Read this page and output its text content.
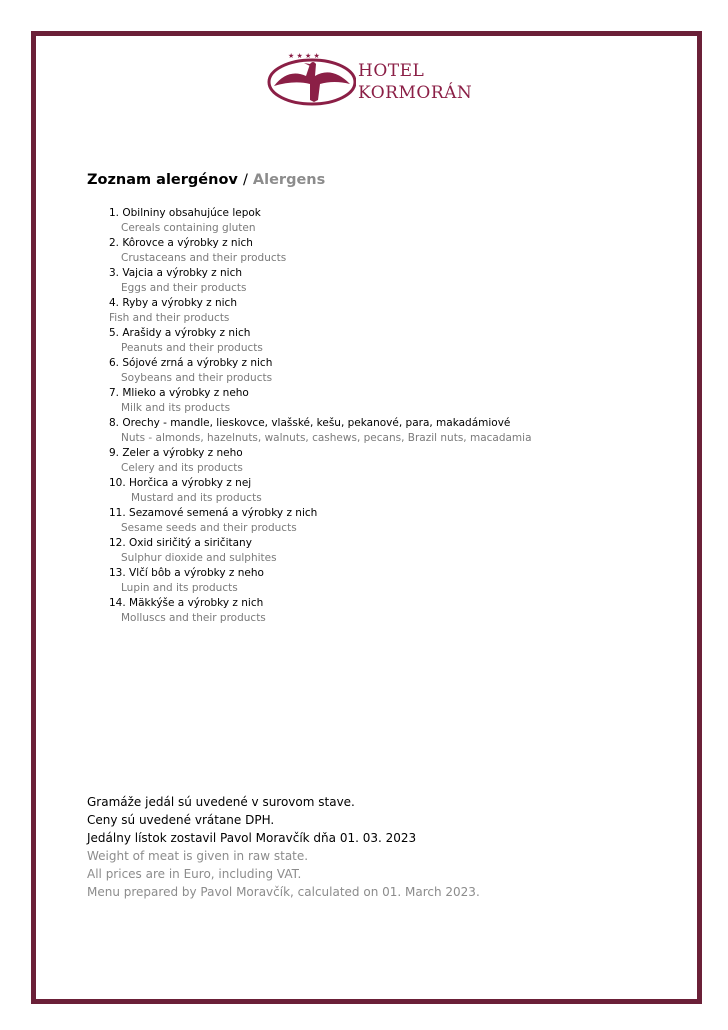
★ ★ ★ ★
HOTEL
KORMORÁN
Zoznam alergénov / Alergens
1. Obilniny obsahujúce lepok
Cereals containing gluten
2. Kôrovce a výrobky z nich
Crustaceans and their products
3. Vajcia a výrobky z nich
Eggs and their products
4. Ryby a výrobky z nich
Fish and their products
5. Arašidy a výrobky z nich
Peanuts and their products
6. Sójové zrná a výrobky z nich
Soybeans and their products
7. Mlieko a výrobky z neho
Milk and its products
8. Orechy - mandle, lieskovce, vlašské, kešu, pekanové, para, makadámiové
Nuts - almonds, hazelnuts, walnuts, cashews, pecans, Brazil nuts, macadamia
9. Zeler a výrobky z neho
Celery and its products
10. Horčica a výrobky z nej
Mustard and its products
11. Sezamové semená a výrobky z nich
Sesame seeds and their products
12. Oxid siričitý a siričitany
Sulphur dioxide and sulphites
13. Vlčí bôb a výrobky z neho
Lupin and its products
14. Mäkkýše a výrobky z nich
Molluscs and their products
Gramáže jedál sú uvedené v surovom stave.
Ceny sú uvedené vrátane DPH.
Jedálny lístok zostavil Pavol Moravčík dňa 01. 03. 2023
Weight of meat is given in raw state.
All prices are in Euro, including VAT.
Menu prepared by Pavol Moravčík, calculated on 01. March 2023.
